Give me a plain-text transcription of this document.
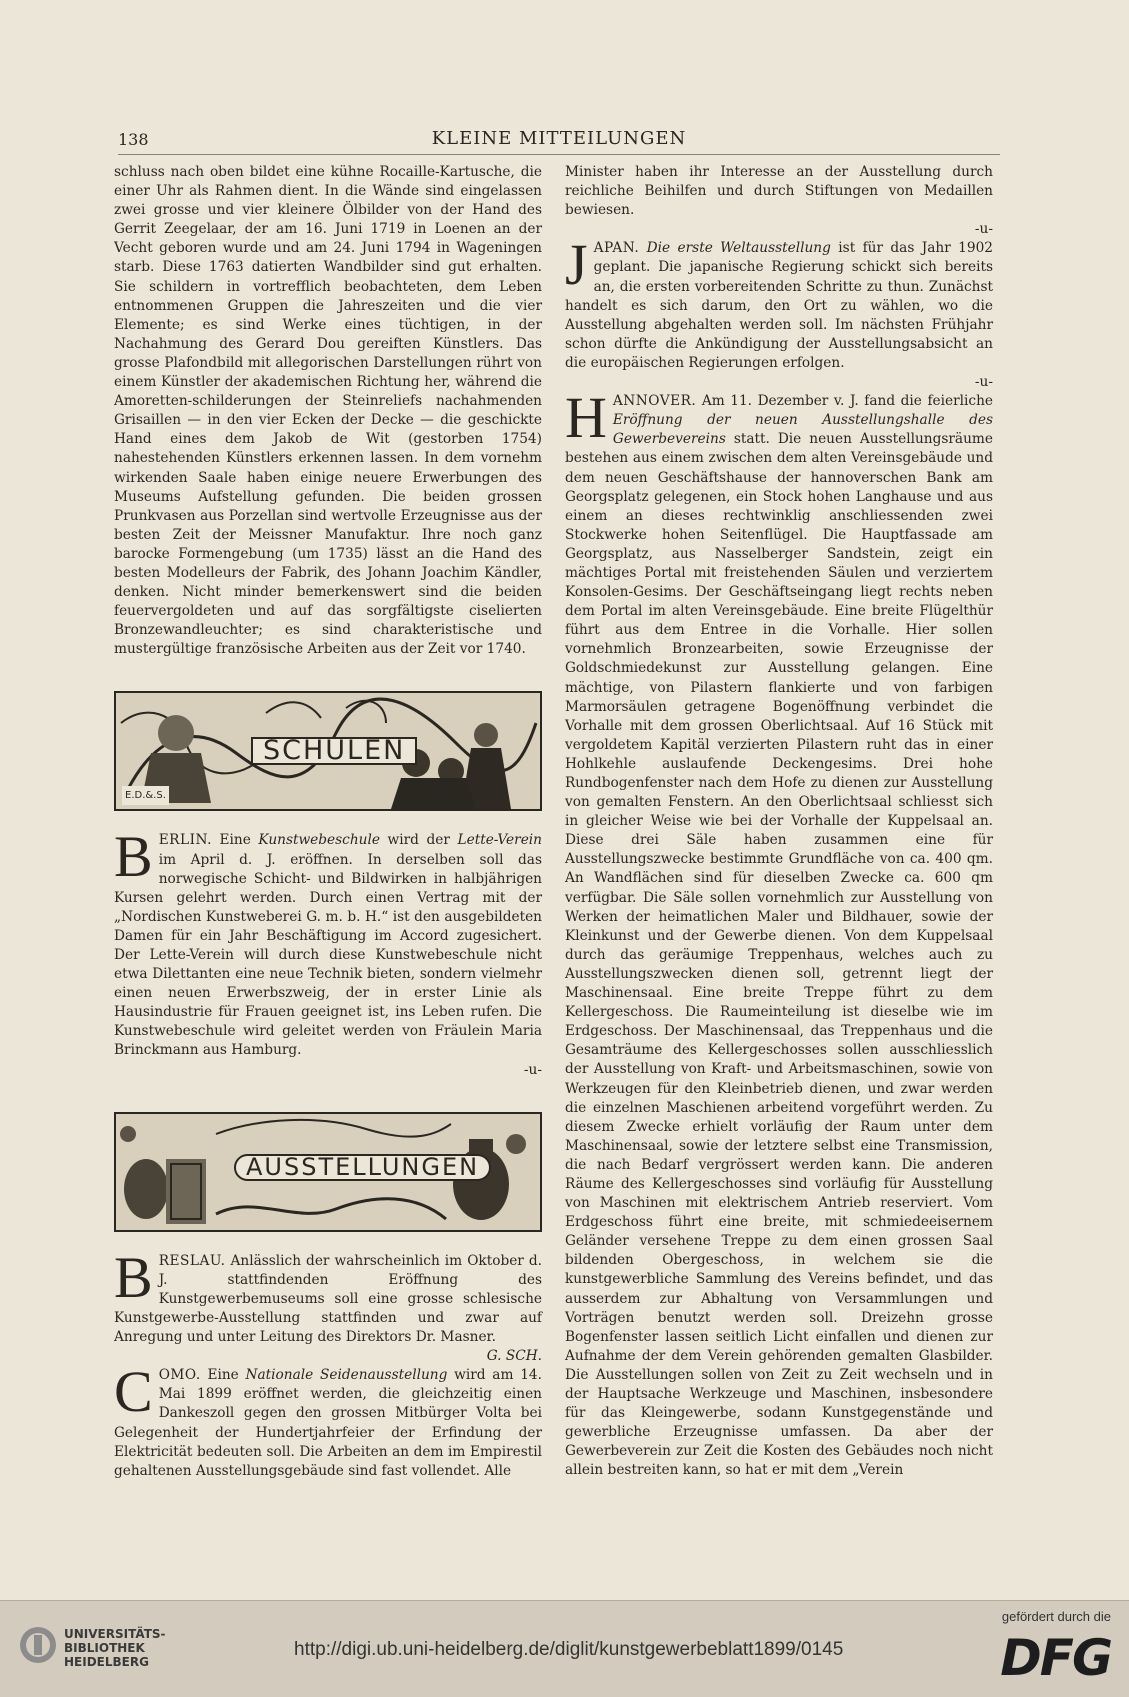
138	KLEINE MITTEILUNGEN

schluss nach oben bildet eine kühne Rocaille-Kartusche, die einer Uhr als Rahmen dient. In die Wände sind eingelassen zwei grosse und vier kleinere Ölbilder von der Hand des Gerrit Zeegelaar, der am 16. Juni 1719 in Loenen an der Vecht geboren wurde und am 24. Juni 1794 in Wageningen starb. Diese 1763 datierten Wandbilder sind gut erhalten. Sie schildern in vortrefflich beobachteten, dem Leben entnommenen Gruppen die Jahreszeiten und die vier Elemente; es sind Werke eines tüchtigen, in der Nachahmung des Gerard Dou gereiften Künstlers. Das grosse Plafondbild mit allegorischen Darstellungen rührt von einem Künstler der akademischen Richtung her, während die Amoretten-schilderungen der Steinreliefs nachahmenden Grisaillen — in den vier Ecken der Decke — die geschickte Hand eines dem Jakob de Wit (gestorben 1754) nahestehenden Künstlers erkennen lassen. In dem vornehm wirkenden Saale haben einige neuere Erwerbungen des Museums Aufstellung gefunden. Die beiden grossen Prunkvasen aus Porzellan sind wertvolle Erzeugnisse aus der besten Zeit der Meissner Manufaktur. Ihre noch ganz barocke Formengebung (um 1735) lässt an die Hand des besten Modelleurs der Fabrik, des Johann Joachim Kändler, denken. Nicht minder bemerkenswert sind die beiden feuervergoldeten und auf das sorgfältigste ciselierten Bronzewandleuchter; es sind charakteristische und mustergültige französische Arbeiten aus der Zeit vor 1740.

SCHULEN
E.D.&.S.

BERLIN. Eine Kunstwebeschule wird der Lette-Verein im April d. J. eröffnen. In derselben soll das norwegische Schicht- und Bildwirken in halbjährigen Kursen gelehrt werden. Durch einen Vertrag mit der „Nordischen Kunstweberei G. m. b. H.“ ist den ausgebildeten Damen für ein Jahr Beschäftigung im Accord zugesichert. Der Lette-Verein will durch diese Kunstwebeschule nicht etwa Dilettanten eine neue Technik bieten, sondern vielmehr einen neuen Erwerbszweig, der in erster Linie als Hausindustrie für Frauen geeignet ist, ins Leben rufen. Die Kunstwebeschule wird geleitet werden von Fräulein Maria Brinckmann aus Hamburg.

-u-

AUSSTELLUNGEN

BRESLAU. Anlässlich der wahrscheinlich im Oktober d. J. stattfindenden Eröffnung des Kunstgewerbemuseums soll eine grosse schlesische Kunstgewerbe-Ausstellung stattfinden und zwar auf Anregung und unter Leitung des Direktors Dr. Masner.

G. SCH.

COMO. Eine Nationale Seidenausstellung wird am 14. Mai 1899 eröffnet werden, die gleichzeitig einen Dankeszoll gegen den grossen Mitbürger Volta bei Gelegenheit der Hundertjahrfeier der Erfindung der Elektricität bedeuten soll. Die Arbeiten an dem im Empirestil gehaltenen Ausstellungsgebäude sind fast vollendet. Alle

Minister haben ihr Interesse an der Ausstellung durch reichliche Beihilfen und durch Stiftungen von Medaillen bewiesen.

-u-

JAPAN. Die erste Weltausstellung ist für das Jahr 1902 geplant. Die japanische Regierung schickt sich bereits an, die ersten vorbereitenden Schritte zu thun. Zunächst handelt es sich darum, den Ort zu wählen, wo die Ausstellung abgehalten werden soll. Im nächsten Frühjahr schon dürfte die Ankündigung der Ausstellungsabsicht an die europäischen Regierungen erfolgen.

-u-

HANNOVER. Am 11. Dezember v. J. fand die feierliche Eröffnung der neuen Ausstellungshalle des Gewerbevereins statt. Die neuen Ausstellungsräume bestehen aus einem zwischen dem alten Vereinsgebäude und dem neuen Geschäftshause der hannoverschen Bank am Georgsplatz gelegenen, ein Stock hohen Langhause und aus einem an dieses rechtwinklig anschliessenden zwei Stockwerke hohen Seitenflügel. Die Hauptfassade am Georgsplatz, aus Nasselberger Sandstein, zeigt ein mächtiges Portal mit freistehenden Säulen und verziertem Konsolen-Gesims. Der Geschäftseingang liegt rechts neben dem Portal im alten Vereinsgebäude. Eine breite Flügelthür führt aus dem Entree in die Vorhalle. Hier sollen vornehmlich Bronzearbeiten, sowie Erzeugnisse der Goldschmiedekunst zur Ausstellung gelangen. Eine mächtige, von Pilastern flankierte und von farbigen Marmorsäulen getragene Bogenöffnung verbindet die Vorhalle mit dem grossen Oberlichtsaal. Auf 16 Stück mit vergoldetem Kapitäl verzierten Pilastern ruht das in einer Hohlkehle auslaufende Deckengesims. Drei hohe Rundbogenfenster nach dem Hofe zu dienen zur Ausstellung von gemalten Fenstern. An den Oberlichtsaal schliesst sich in gleicher Weise wie bei der Vorhalle der Kuppelsaal an. Diese drei Säle haben zusammen eine für Ausstellungszwecke bestimmte Grundfläche von ca. 400 qm. An Wandflächen sind für dieselben Zwecke ca. 600 qm verfügbar. Die Säle sollen vornehmlich zur Ausstellung von Werken der heimatlichen Maler und Bildhauer, sowie der Kleinkunst und der Gewerbe dienen. Von dem Kuppelsaal durch das geräumige Treppenhaus, welches auch zu Ausstellungszwecken dienen soll, getrennt liegt der Maschinensaal. Eine breite Treppe führt zu dem Kellergeschoss. Die Raumeinteilung ist dieselbe wie im Erdgeschoss. Der Maschinensaal, das Treppenhaus und die Gesamträume des Kellergeschosses sollen ausschliesslich der Ausstellung von Kraft- und Arbeitsmaschinen, sowie von Werkzeugen für den Kleinbetrieb dienen, und zwar werden die einzelnen Maschienen arbeitend vorgeführt werden. Zu diesem Zwecke erhielt vorläufig der Raum unter dem Maschinensaal, sowie der letztere selbst eine Transmission, die nach Bedarf vergrössert werden kann. Die anderen Räume des Kellergeschosses sind vorläufig für Ausstellung von Maschinen mit elektrischem Antrieb reserviert. Vom Erdgeschoss führt eine breite, mit schmiedeeisernem Geländer versehene Treppe zu dem einen grossen Saal bildenden Obergeschoss, in welchem sie die kunstgewerbliche Sammlung des Vereins befindet, und das ausserdem zur Abhaltung von Versammlungen und Vorträgen benutzt werden soll. Dreizehn grosse Bogenfenster lassen seitlich Licht einfallen und dienen zur Aufnahme der dem Verein gehörenden gemalten Glasbilder. Die Ausstellungen sollen von Zeit zu Zeit wechseln und in der Hauptsache Werkzeuge und Maschinen, insbesondere für das Kleingewerbe, sodann Kunstgegenstände und gewerbliche Erzeugnisse umfassen. Da aber der Gewerbeverein zur Zeit die Kosten des Gebäudes noch nicht allein bestreiten kann, so hat er mit dem „Verein

UNIVERSITÄTS-
BIBLIOTHEK
HEIDELBERG
http://digi.ub.uni-heidelberg.de/diglit/kunstgewerbeblatt1899/0145
gefördert durch die
DFG
